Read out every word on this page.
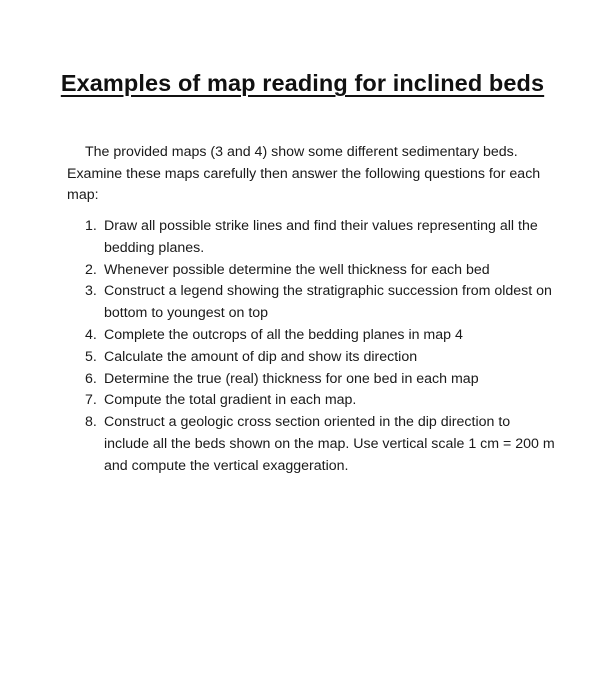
Examples of map reading for inclined beds

The provided maps (3 and 4) show some different sedimentary beds. Examine these maps carefully then answer the following questions for each map:

1. Draw all possible strike lines and find their values representing all the bedding planes.
2. Whenever possible determine the well thickness for each bed
3. Construct a legend showing the stratigraphic succession from oldest on bottom to youngest on top
4. Complete the outcrops of all the bedding planes in map 4
5. Calculate the amount of dip and show its direction
6. Determine the true (real) thickness for one bed in each map
7. Compute the total gradient in each map.
8. Construct a geologic cross section oriented in the dip direction to include all the beds shown on the map. Use vertical scale 1 cm = 200 m and compute the vertical exaggeration.
